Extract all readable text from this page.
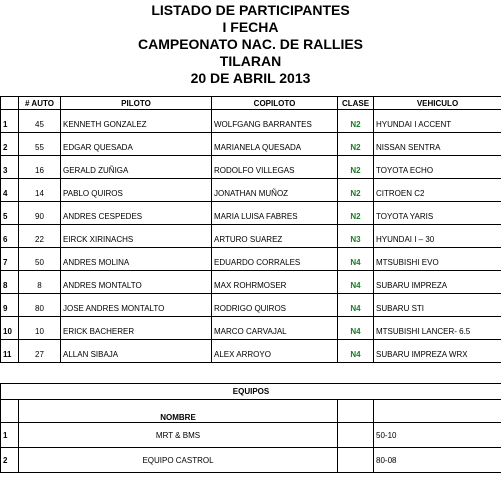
LISTADO DE PARTICIPANTES
I FECHA
CAMPEONATO NAC. DE RALLIES
TILARAN
20 DE ABRIL 2013
	# AUTO	PILOTO	COPILOTO	CLASE	VEHICULO
1	45	KENNETH GONZALEZ	WOLFGANG BARRANTES	N2	HYUNDAI I ACCENT
2	55	EDGAR QUESADA	MARIANELA QUESADA	N2	NISSAN SENTRA
3	16	GERALD ZUÑIGA	RODOLFO VILLEGAS	N2	TOYOTA ECHO
4	14	PABLO QUIROS	JONATHAN MUÑOZ	N2	CITROEN C2
5	90	ANDRES CESPEDES	MARIA LUISA FABRES	N2	TOYOTA YARIS
6	22	EIRCK XIRINACHS	ARTURO SUAREZ	N3	HYUNDAI I – 30
7	50	ANDRES MOLINA	EDUARDO CORRALES	N4	MTSUBISHI EVO
8	8	ANDRES MONTALTO	MAX ROHRMOSER	N4	SUBARU IMPREZA
9	80	JOSE ANDRES MONTALTO	RODRIGO QUIROS	N4	SUBARU STI
10	10	ERICK BACHERER	MARCO CARVAJAL	N4	MTSUBISHI LANCER- 6.5
11	27	ALLAN SIBAJA	ALEX ARROYO	N4	SUBARU IMPREZA WRX
EQUIPOS			
	NOMBRE		
1	MRT & BMS		50-10
2	EQUIPO CASTROL		80-08
